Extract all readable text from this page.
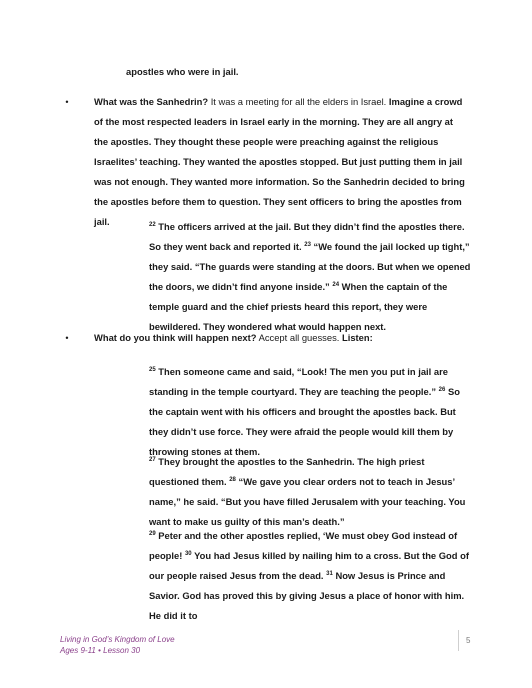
apostles who were in jail.
•	What was the Sanhedrin? It was a meeting for all the elders in Israel. Imagine a crowd of the most respected leaders in Israel early in the morning. They are all angry at the apostles. They thought these people were preaching against the religious Israelites’ teaching. They wanted the apostles stopped. But just putting them in jail was not enough. They wanted more information. So the Sanhedrin decided to bring the apostles before them to question. They sent officers to bring the apostles from jail.	$^{22}$ The officers arrived at the jail. But they didn’t find the apostles there. So they went back and reported it. $^{23}$ “We found the jail locked up tight,” they said. “The guards were standing at the doors. But when we opened the doors, we didn’t find anyone inside.” $^{24}$ When the captain of the temple guard and the chief priests heard this report, they were bewildered. They wondered what would happen next.
•	What do you think will happen next? Accept all guesses. Listen:
$^{25}$ Then someone came and said, “Look! The men you put in jail are standing in the temple courtyard. They are teaching the people.” $^{26}$ So the captain went with his officers and brought the apostles back. But they didn’t use force. They were afraid the people would kill them by throwing stones at them.
$^{27}$ They brought the apostles to the Sanhedrin. The high priest questioned them. $^{28}$ “We gave you clear orders not to teach in Jesus’ name,” he said. “But you have filled Jerusalem with your teaching. You want to make us guilty of this man’s death.”
$^{29}$ Peter and the other apostles replied, ‘We must obey God instead of people! $^{30}$ You had Jesus killed by nailing him to a cross. But the God of our people raised Jesus from the dead. $^{31}$ Now Jesus is Prince and Savior. God has proved this by giving Jesus a place of honor with him. He did it to
Living in God’s Kingdom of Love
Ages 9-11 • Lesson 30
5
